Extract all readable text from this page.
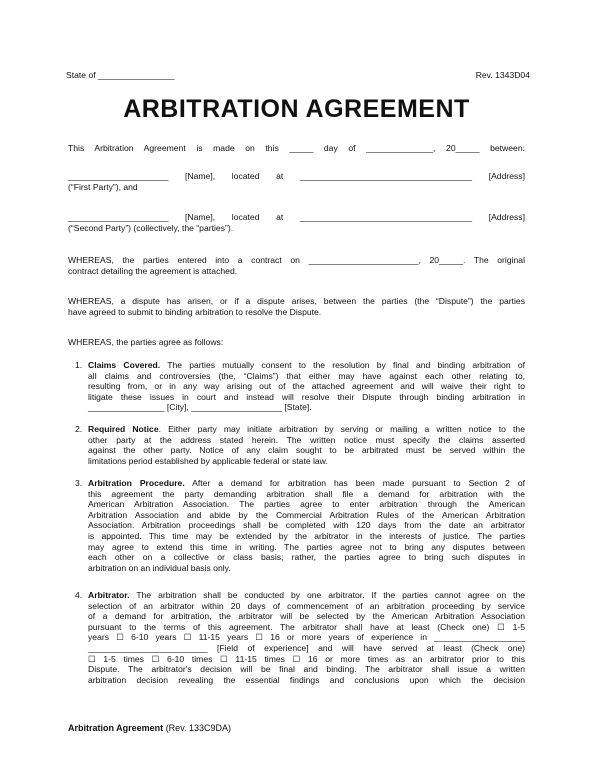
State of ________________	Rev. 1343D04
ARBITRATION AGREEMENT
This Arbitration Agreement is made on this _____ day of ______________, 20_____ between:
_____________________ [Name], located at ____________________________________ [Address]
(“First Party”), and
_____________________ [Name], located at ____________________________________ [Address]
(“Second Party”) (collectively, the “parties”).
WHEREAS, the parties entered into a contract on _______________________, 20_____. The original
contract detailing the agreement is attached.
WHEREAS, a dispute has arisen, or if a dispute arises, between the parties (the “Dispute”) the parties
have agreed to submit to binding arbitration to resolve the Dispute.
WHEREAS, the parties agree as follows:
1. Claims Covered. The parties mutually consent to the resolution by final and binding arbitration of
all claims and controversies (the, “Claims”) that either may have against each other relating to,
resulting from, or in any way arising out of the attached agreement and will waive their right to
litigate these issues in court and instead will resolve their Dispute through binding arbitration in
________________ [City], ___________________ [State].
2. Required Notice. Either party may initiate arbitration by serving or mailing a written notice to the
other party at the address stated herein. The written notice must specify the claims asserted
against the other party. Notice of any claim sought to be arbitrated must be served within the
limitations period established by applicable federal or state law.
3. Arbitration Procedure. After a demand for arbitration has been made pursuant to Section 2 of
this agreement the party demanding arbitration shall file a demand for arbitration with the
American Arbitration Association. The parties agree to enter arbitration through the American
Arbitration Association and abide by the Commercial Arbitration Rules of the American Arbitration
Association. Arbitration proceedings shall be completed with 120 days from the date an arbitrator
is appointed. This time may be extended by the arbitrator in the interests of justice. The parties
may agree to extend this time in writing. The parties agree not to bring any disputes between
each other on a collective or class basis; rather, the parties agree to bring such disputes in
arbitration on an individual basis only.
4. Arbitrator. The arbitration shall be conducted by one arbitrator. If the parties cannot agree on the
selection of an arbitrator within 20 days of commencement of an arbitration proceeding by service
of a demand for arbitration, the arbitrator will be selected by the American Arbitration Association
pursuant to the terms of this agreement. The arbitrator shall have at least (Check one) ☐ 1-5
years ☐ 6-10 years ☐ 11-15 years ☐ 16 or more years of experience in ___________________
_________________________ [Field of experience] and will have served at least (Check one)
☐ 1-5 times ☐ 6-10 times ☐ 11-15 times ☐ 16 or more times as an arbitrator prior to this
Dispute. The arbitrator's decision will be final and binding. The arbitrator shall issue a written
arbitration decision revealing the essential findings and conclusions upon which the decision
Arbitration Agreement (Rev. 133C9DA)
